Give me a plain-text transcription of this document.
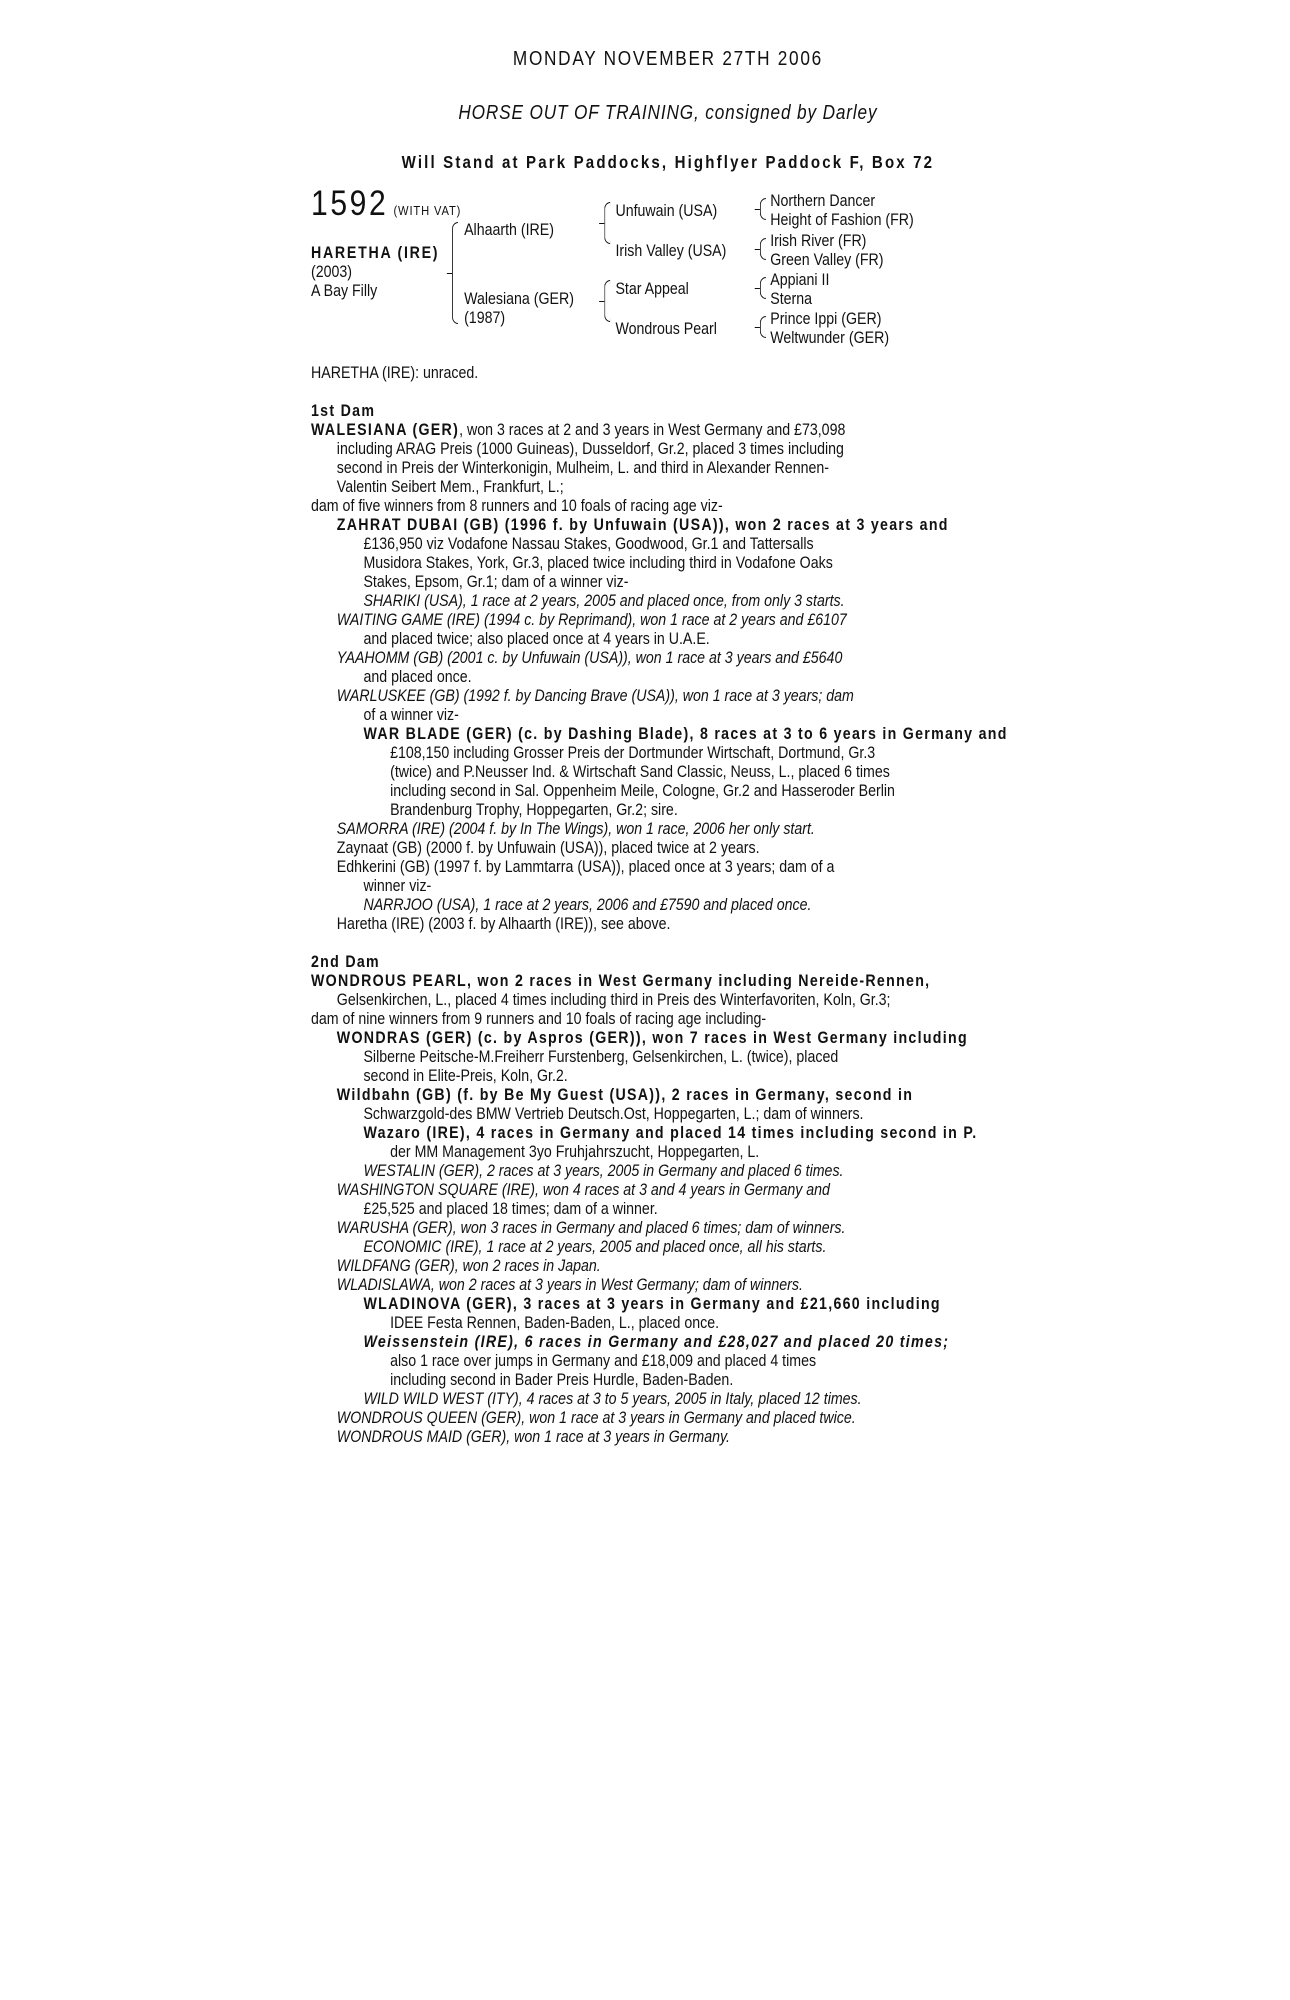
MONDAY NOVEMBER 27TH 2006
HORSE OUT OF TRAINING, consigned by Darley
Will Stand at Park Paddocks, Highflyer Paddock F, Box 72
1592 (WITH VAT)
HARETHA (IRE)
(2003)
A Bay Filly
Alhaarth (IRE)
Walesiana (GER)
(1987)
Unfuwain (USA)
Irish Valley (USA)
Star Appeal
Wondrous Pearl
Northern Dancer
Height of Fashion (FR)
Irish River (FR)
Green Valley (FR)
Appiani II
Sterna
Prince Ippi (GER)
Weltwunder (GER)

HARETHA (IRE): unraced.

1st Dam

WALESIANA (GER), won 3 races at 2 and 3 years in West Germany and £73,098

including ARAG Preis (1000 Guineas), Dusseldorf, Gr.2, placed 3 times including

second in Preis der Winterkonigin, Mulheim, L. and third in Alexander Rennen-

Valentin Seibert Mem., Frankfurt, L.;

dam of five winners from 8 runners and 10 foals of racing age viz-

ZAHRAT DUBAI (GB) (1996 f. by Unfuwain (USA)), won 2 races at 3 years and

£136,950 viz Vodafone Nassau Stakes, Goodwood, Gr.1 and Tattersalls

Musidora Stakes, York, Gr.3, placed twice including third in Vodafone Oaks

Stakes, Epsom, Gr.1; dam of a winner viz-

SHARIKI (USA), 1 race at 2 years, 2005 and placed once, from only 3 starts.

WAITING GAME (IRE) (1994 c. by Reprimand), won 1 race at 2 years and £6107

and placed twice; also placed once at 4 years in U.A.E.

YAAHOMM (GB) (2001 c. by Unfuwain (USA)), won 1 race at 3 years and £5640

and placed once.

WARLUSKEE (GB) (1992 f. by Dancing Brave (USA)), won 1 race at 3 years; dam

of a winner viz-

WAR BLADE (GER) (c. by Dashing Blade), 8 races at 3 to 6 years in Germany and

£108,150 including Grosser Preis der Dortmunder Wirtschaft, Dortmund, Gr.3

(twice) and P.Neusser Ind. & Wirtschaft Sand Classic, Neuss, L., placed 6 times

including second in Sal. Oppenheim Meile, Cologne, Gr.2 and Hasseroder Berlin

Brandenburg Trophy, Hoppegarten, Gr.2; sire.

SAMORRA (IRE) (2004 f. by In The Wings), won 1 race, 2006 her only start.

Zaynaat (GB) (2000 f. by Unfuwain (USA)), placed twice at 2 years.

Edhkerini (GB) (1997 f. by Lammtarra (USA)), placed once at 3 years; dam of a

winner viz-

NARRJOO (USA), 1 race at 2 years, 2006 and £7590 and placed once.

Haretha (IRE) (2003 f. by Alhaarth (IRE)), see above.

2nd Dam

WONDROUS PEARL, won 2 races in West Germany including Nereide-Rennen,

Gelsenkirchen, L., placed 4 times including third in Preis des Winterfavoriten, Koln, Gr.3;

dam of nine winners from 9 runners and 10 foals of racing age including-

WONDRAS (GER) (c. by Aspros (GER)), won 7 races in West Germany including

Silberne Peitsche-M.Freiherr Furstenberg, Gelsenkirchen, L. (twice), placed

second in Elite-Preis, Koln, Gr.2.

Wildbahn (GB) (f. by Be My Guest (USA)), 2 races in Germany, second in

Schwarzgold-des BMW Vertrieb Deutsch.Ost, Hoppegarten, L.; dam of winners.

Wazaro (IRE), 4 races in Germany and placed 14 times including second in P.

der MM Management 3yo Fruhjahrszucht, Hoppegarten, L.

WESTALIN (GER), 2 races at 3 years, 2005 in Germany and placed 6 times.

WASHINGTON SQUARE (IRE), won 4 races at 3 and 4 years in Germany and

£25,525 and placed 18 times; dam of a winner.

WARUSHA (GER), won 3 races in Germany and placed 6 times; dam of winners.

ECONOMIC (IRE), 1 race at 2 years, 2005 and placed once, all his starts.

WILDFANG (GER), won 2 races in Japan.

WLADISLAWA, won 2 races at 3 years in West Germany; dam of winners.

WLADINOVA (GER), 3 races at 3 years in Germany and £21,660 including

IDEE Festa Rennen, Baden-Baden, L., placed once.

Weissenstein (IRE), 6 races in Germany and £28,027 and placed 20 times;

also 1 race over jumps in Germany and £18,009 and placed 4 times

including second in Bader Preis Hurdle, Baden-Baden.

WILD WILD WEST (ITY), 4 races at 3 to 5 years, 2005 in Italy, placed 12 times.

WONDROUS QUEEN (GER), won 1 race at 3 years in Germany and placed twice.

WONDROUS MAID (GER), won 1 race at 3 years in Germany.
